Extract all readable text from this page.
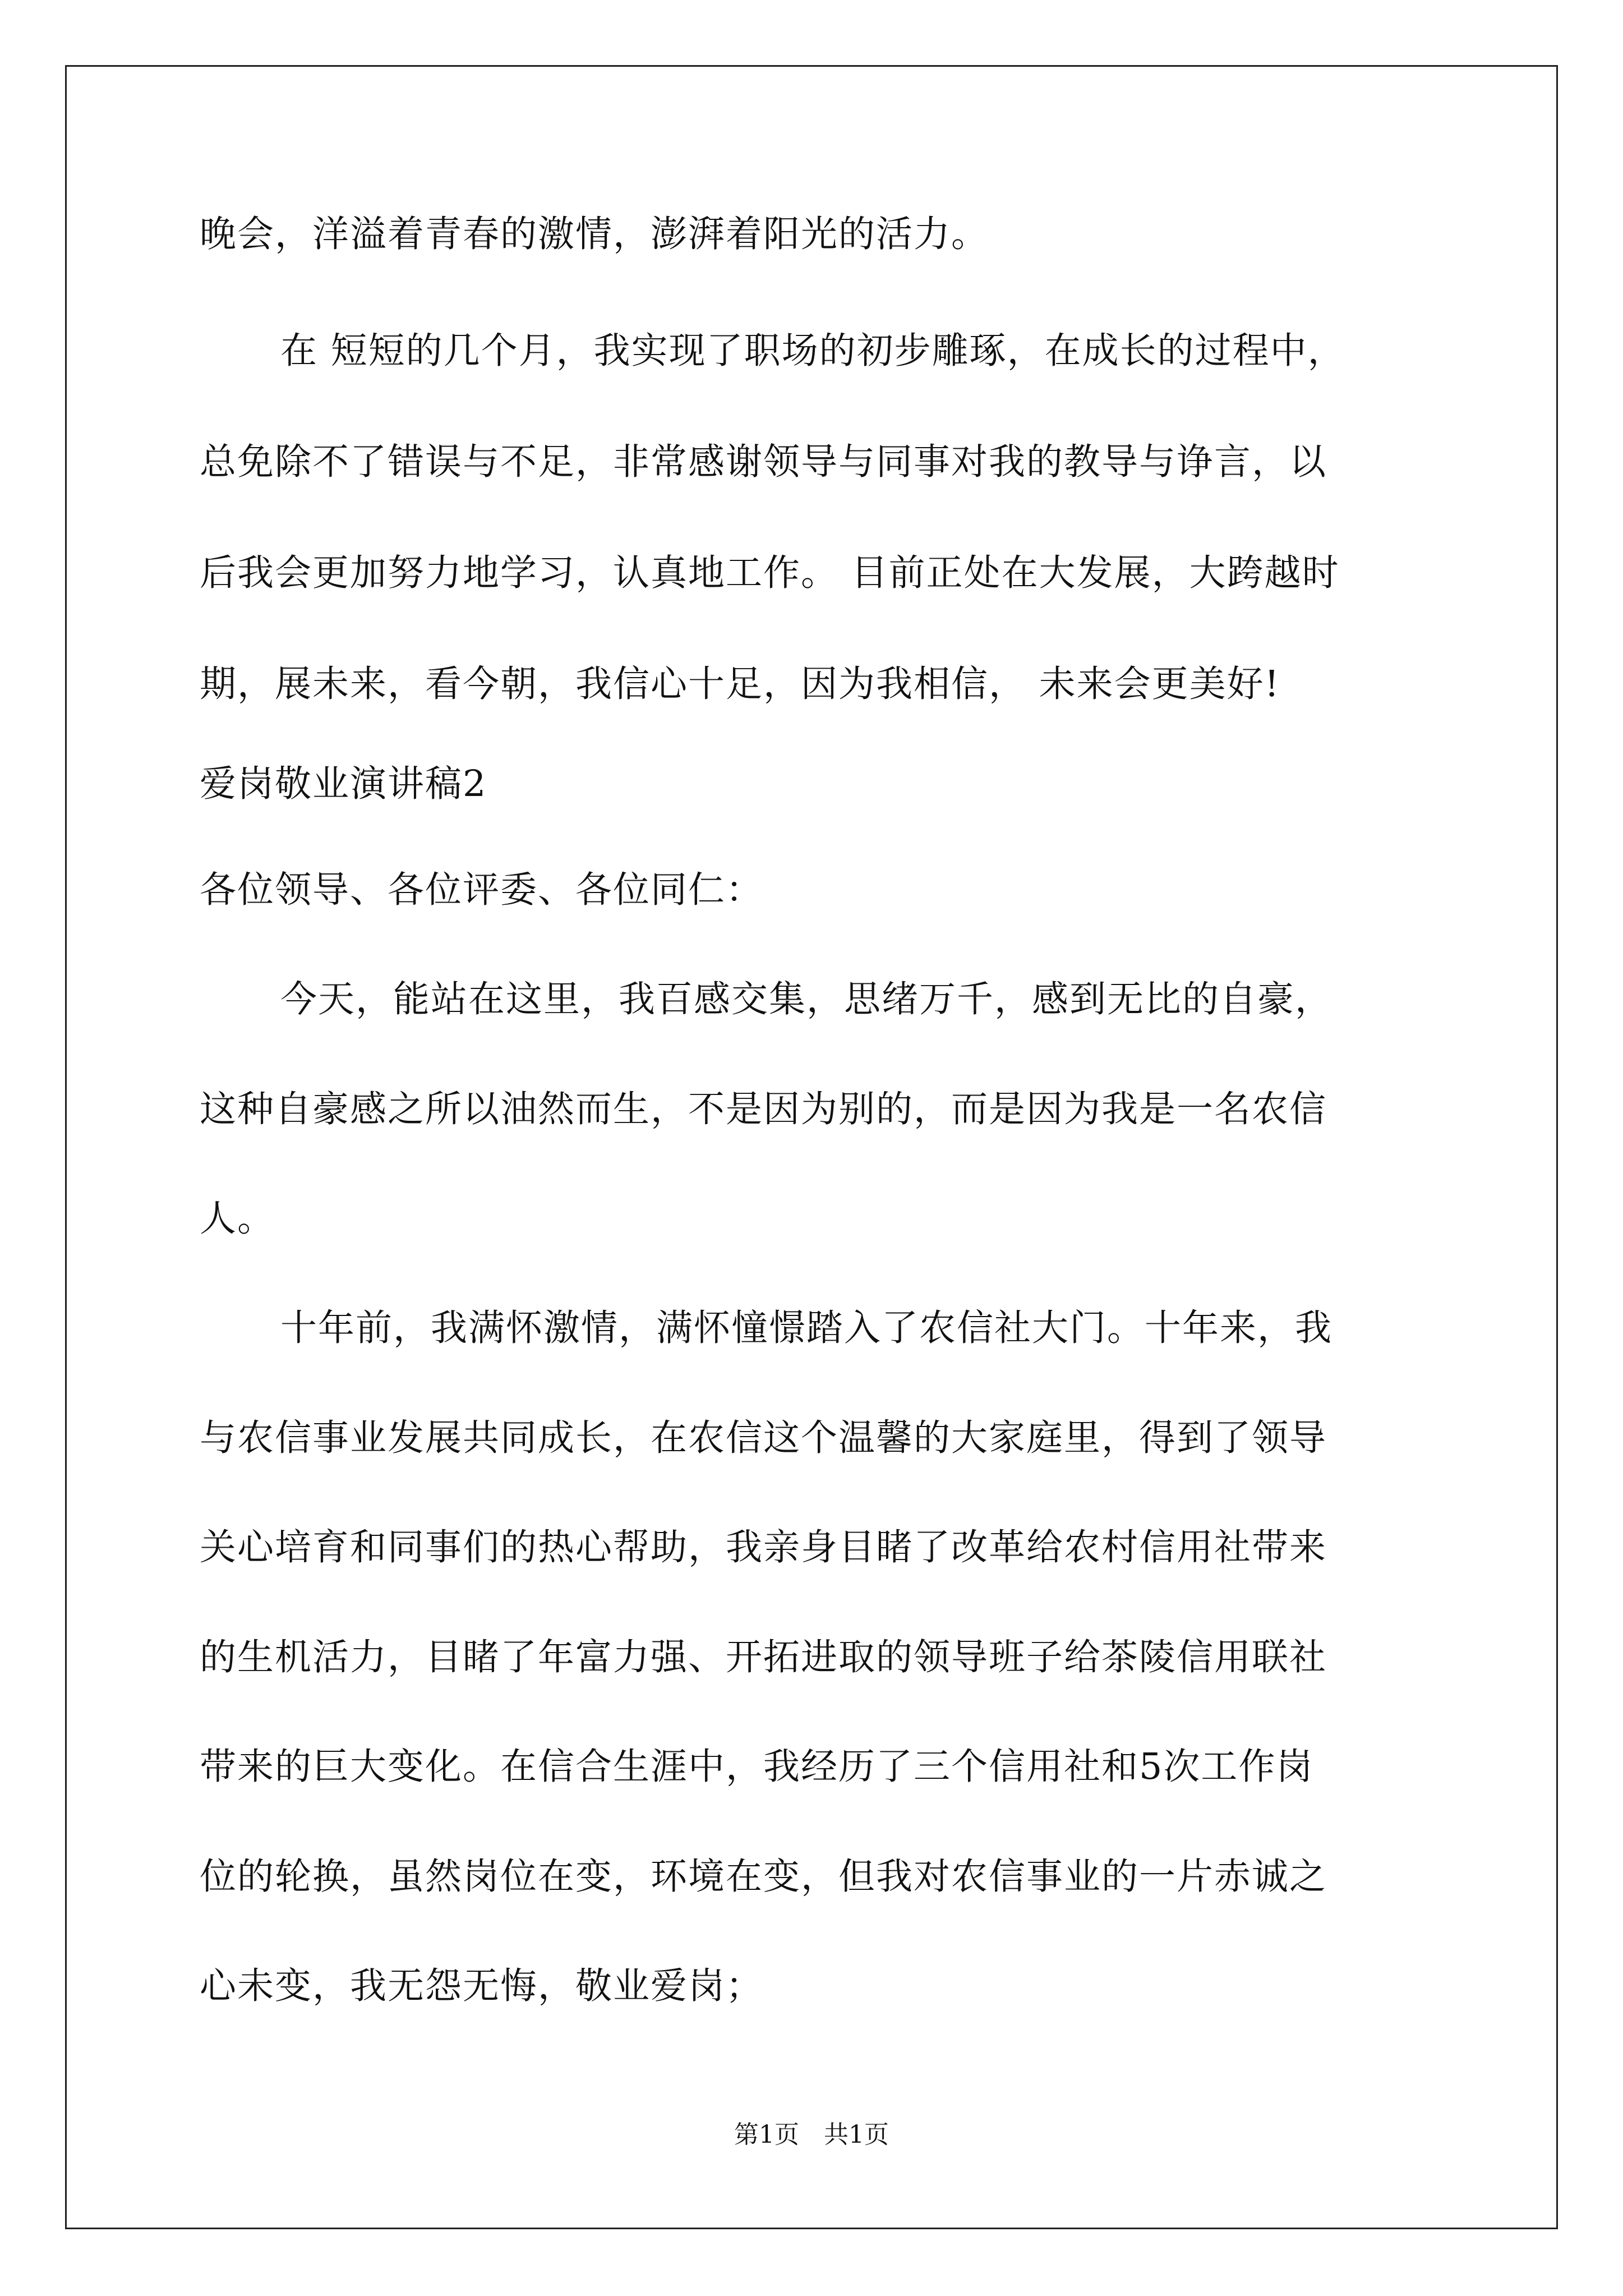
晚会，洋溢着青春的激情，澎湃着阳光的活力。

在 短短的几个月，我实现了职场的初步雕琢，在成长的过程中，

总免除不了错误与不足，非常感谢领导与同事对我的教导与诤言，以

后我会更加努力地学习，认真地工作。 目前正处在大发展，大跨越时

期，展未来，看今朝，我信心十足，因为我相信， 未来会更美好!

爱岗敬业演讲稿2

各位领导、各位评委、各位同仁：

今天，能站在这里，我百感交集，思绪万千，感到无比的自豪，

这种自豪感之所以油然而生，不是因为别的，而是因为我是一名农信

人。

十年前，我满怀激情，满怀憧憬踏入了农信社大门。十年来，我

与农信事业发展共同成长，在农信这个温馨的大家庭里，得到了领导

关心培育和同事们的热心帮助，我亲身目睹了改革给农村信用社带来

的生机活力，目睹了年富力强、开拓进取的领导班子给茶陵信用联社

带来的巨大变化。在信合生涯中，我经历了三个信用社和5次工作岗

位的轮换，虽然岗位在变，环境在变，但我对农信事业的一片赤诚之

心未变，我无怨无悔，敬业爱岗；

第1页　共1页
